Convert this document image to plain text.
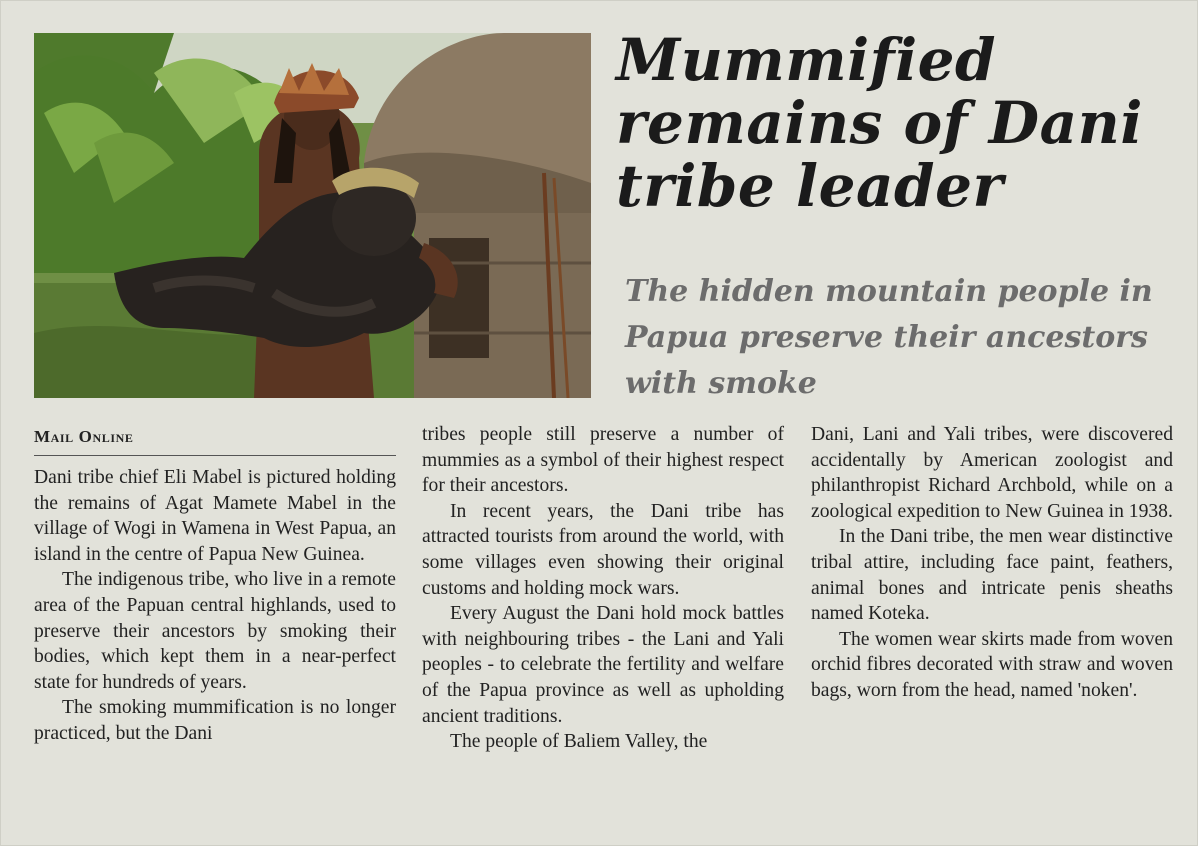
Mummified remains of Dani tribe leader
The hidden mountain people in Papua preserve their ancestors with smoke
Mail Online

Dani tribe chief Eli Mabel is pictured holding the remains of Agat Mamete Mabel in the village of Wogi in Wamena in West Papua, an island in the centre of Papua New Guinea.

The indigenous tribe, who live in a remote area of the Papuan central highlands, used to preserve their ancestors by smoking their bodies, which kept them in a near-perfect state for hundreds of years.

The smoking mummification is no longer practiced, but the Dani

tribes people still preserve a number of mummies as a symbol of their highest respect for their ancestors.

In recent years, the Dani tribe has attracted tourists from around the world, with some villages even showing their original customs and holding mock wars.

Every August the Dani hold mock battles with neighbouring tribes - the Lani and Yali peoples - to celebrate the fertility and welfare of the Papua province as well as upholding ancient traditions.

The people of Baliem Valley, the

Dani, Lani and Yali tribes, were discovered accidentally by American zoologist and philanthropist Richard Archbold, while on a zoological expedition to New Guinea in 1938.

In the Dani tribe, the men wear distinctive tribal attire, including face paint, feathers, animal bones and intricate penis sheaths named Koteka.

The women wear skirts made from woven orchid fibres decorated with straw and woven bags, worn from the head, named 'noken'.
